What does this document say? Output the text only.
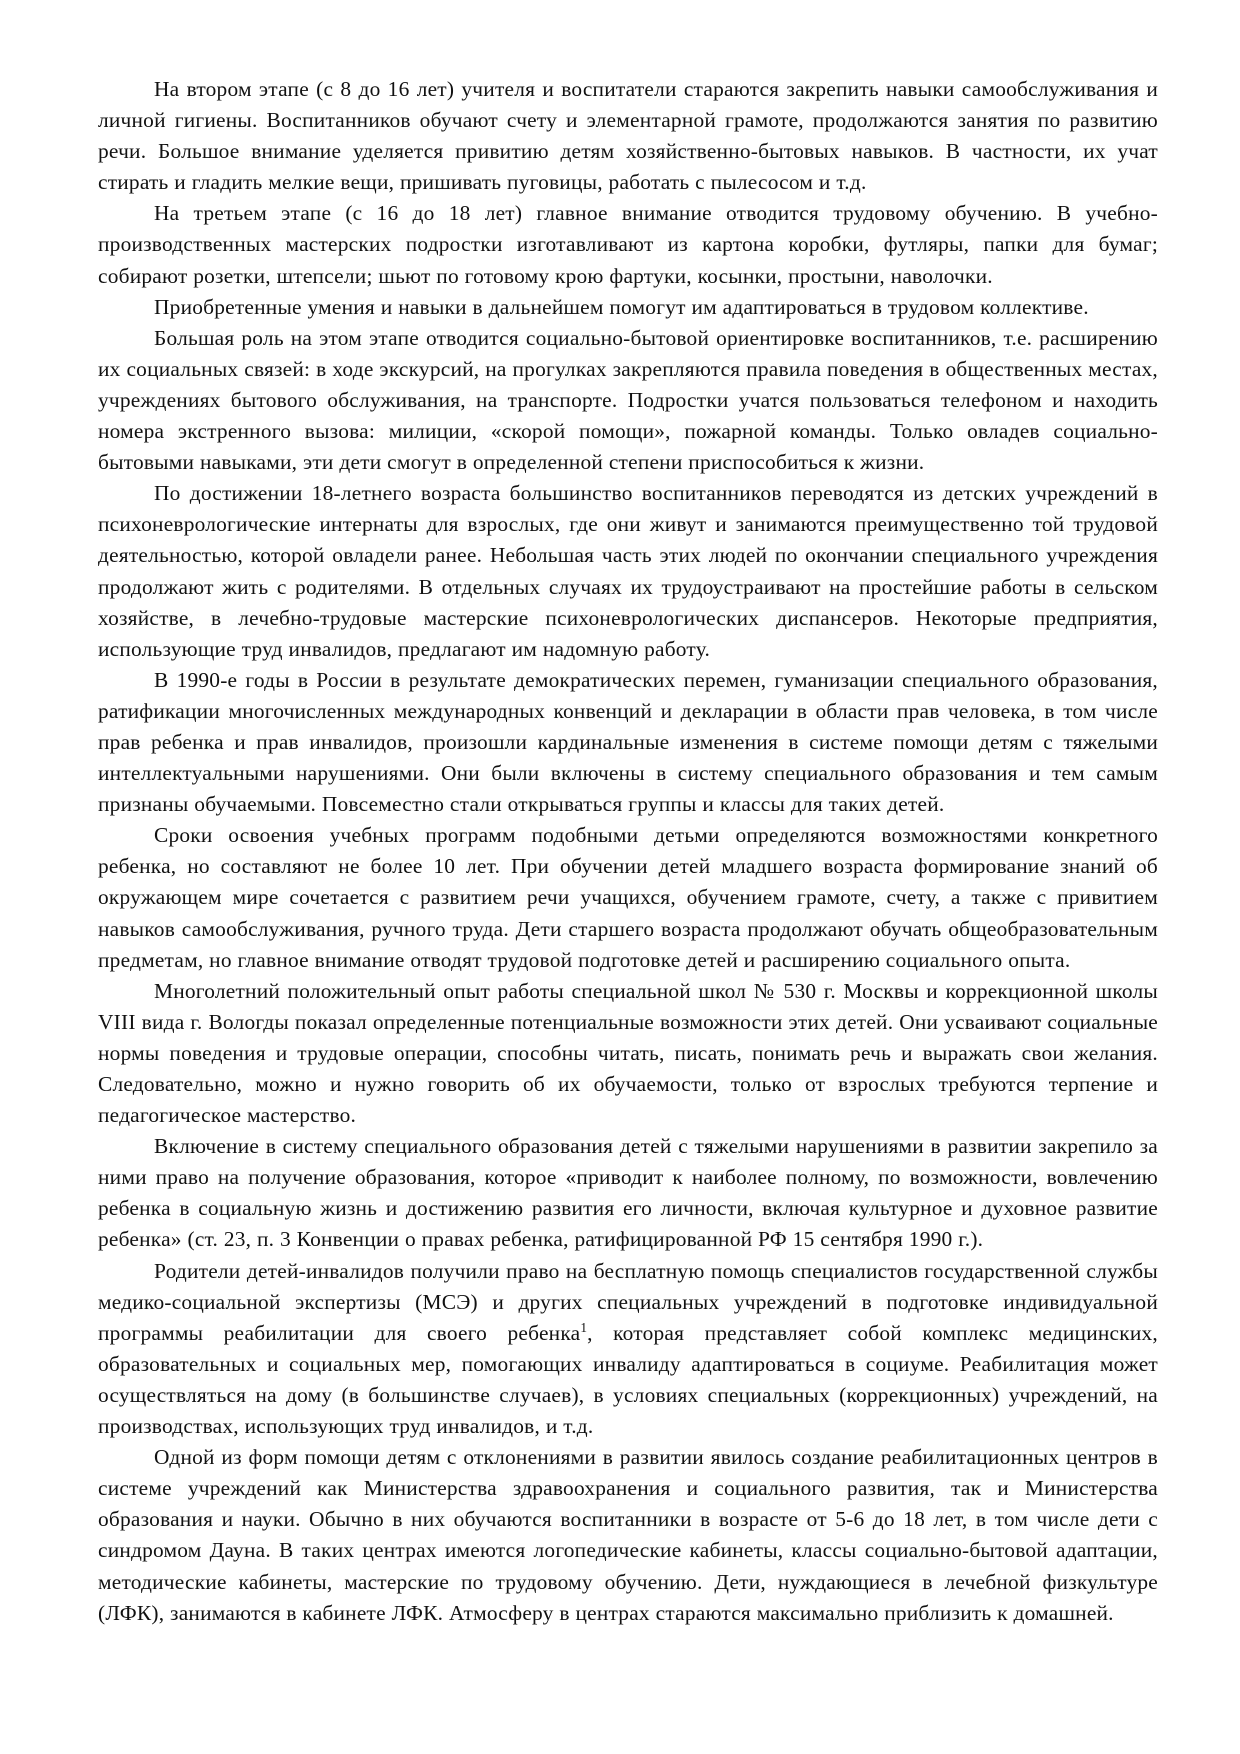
На втором этапе (с 8 до 16 лет) учителя и воспитатели стараются закрепить навыки самообслуживания и личной гигиены. Воспитанников обучают счету и элементарной грамоте, продолжаются занятия по развитию речи. Большое внимание уделяется привитию детям хозяйственно-бытовых навыков. В частности, их учат стирать и гладить мелкие вещи, пришивать пуговицы, работать с пылесосом и т.д.

На третьем этапе (с 16 до 18 лет) главное внимание отводится трудовому обучению. В учебно-производственных мастерских подростки изготавливают из картона коробки, футляры, папки для бумаг; собирают розетки, штепсели; шьют по готовому крою фартуки, косынки, простыни, наволочки.

Приобретенные умения и навыки в дальнейшем помогут им адаптироваться в трудовом коллективе.

Большая роль на этом этапе отводится социально-бытовой ориентировке воспитанников, т.е. расширению их социальных связей: в ходе экскурсий, на прогулках закрепляются правила поведения в общественных местах, учреждениях бытового обслуживания, на транспорте. Подростки учатся пользоваться телефоном и находить номера экстренного вызова: милиции, «скорой помощи», пожарной команды. Только овладев социально-бытовыми навыками, эти дети смогут в определенной степени приспособиться к жизни.

По достижении 18-летнего возраста большинство воспитанников переводятся из детских учреждений в психоневрологические интернаты для взрослых, где они живут и занимаются преимущественно той трудовой деятельностью, которой овладели ранее. Небольшая часть этих людей по окончании специального учреждения продолжают жить с родителями. В отдельных случаях их трудоустраивают на простейшие работы в сельском хозяйстве, в лечебно-трудовые мастерские психоневрологических диспансеров. Некоторые предприятия, использующие труд инвалидов, предлагают им надомную работу.

В 1990-е годы в России в результате демократических перемен, гуманизации специального образования, ратификации многочисленных международных конвенций и декларации в области прав человека, в том числе прав ребенка и прав инвалидов, произошли кардинальные изменения в системе помощи детям с тяжелыми интеллектуальными нарушениями. Они были включены в систему специального образования и тем самым признаны обучаемыми. Повсеместно стали открываться группы и классы для таких детей.

Сроки освоения учебных программ подобными детьми определяются возможностями конкретного ребенка, но составляют не более 10 лет. При обучении детей младшего возраста формирование знаний об окружающем мире сочетается с развитием речи учащихся, обучением грамоте, счету, а также с привитием навыков самообслуживания, ручного труда. Дети старшего возраста продолжают обучать общеобразовательным предметам, но главное внимание отводят трудовой подготовке детей и расширению социального опыта.

Многолетний положительный опыт работы специальной школ № 530 г. Москвы и коррекционной школы VIII вида г. Вологды показал определенные потенциальные возможности этих детей. Они усваивают социальные нормы поведения и трудовые операции, способны читать, писать, понимать речь и выражать свои желания. Следовательно, можно и нужно говорить об их обучаемости, только от взрослых требуются терпение и педагогическое мастерство.

Включение в систему специального образования детей с тяжелыми нарушениями в развитии закрепило за ними право на получение образования, которое «приводит к наиболее полному, по возможности, вовлечению ребенка в социальную жизнь и достижению развития его личности, включая культурное и духовное развитие ребенка» (ст. 23, п. 3 Конвенции о правах ребенка, ратифицированной РФ 15 сентября 1990 г.).

Родители детей-инвалидов получили право на бесплатную помощь специалистов государственной службы медико-социальной экспертизы (МСЭ) и других специальных учреждений в подготовке индивидуальной программы реабилитации для своего ребенка$^1$, которая представляет собой комплекс медицинских, образовательных и социальных мер, помогающих инвалиду адаптироваться в социуме. Реабилитация может осуществляться на дому (в большинстве случаев), в условиях специальных (коррекционных) учреждений, на производствах, использующих труд инвалидов, и т.д.

Одной из форм помощи детям с отклонениями в развитии явилось создание реабилитационных центров в системе учреждений как Министерства здравоохранения и социального развития, так и Министерства образования и науки. Обычно в них обучаются воспитанники в возрасте от 5-6 до 18 лет, в том числе дети с синдромом Дауна. В таких центрах имеются логопедические кабинеты, классы социально-бытовой адаптации, методические кабинеты, мастерские по трудовому обучению. Дети, нуждающиеся в лечебной физкультуре (ЛФК), занимаются в кабинете ЛФК. Атмосферу в центрах стараются максимально приблизить к домашней.
